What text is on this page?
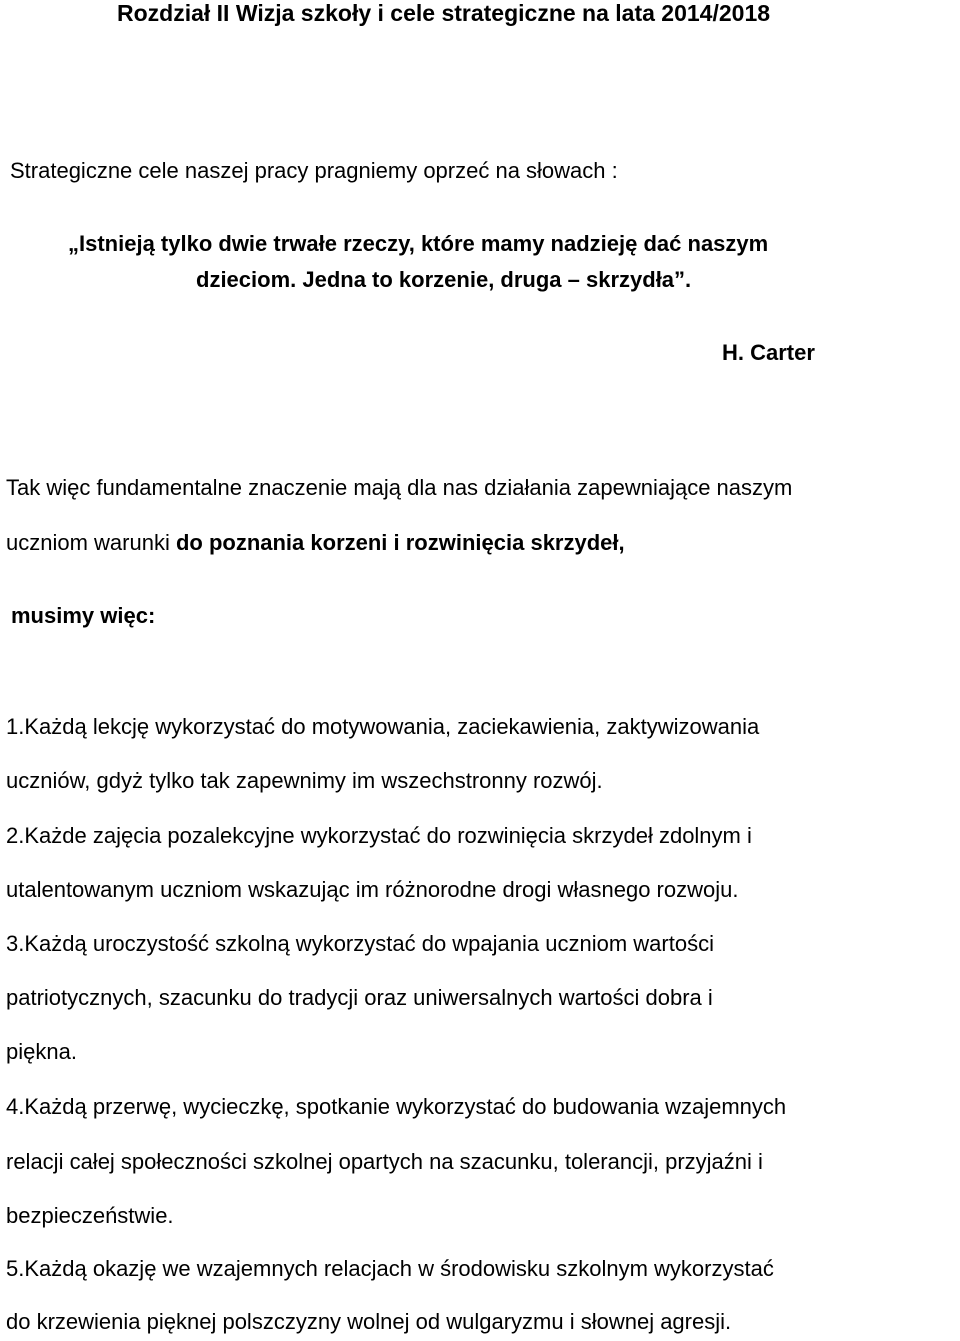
Rozdział II Wizja szkoły i cele strategiczne na lata 2014/2018

Strategiczne cele naszej pracy pragniemy oprzeć na słowach :

„Istnieją tylko dwie trwałe rzeczy, które mamy nadzieję dać naszym

dzieciom. Jedna to korzenie, druga – skrzydła”.

H. Carter

Tak więc fundamentalne znaczenie mają dla nas działania zapewniające naszym

uczniom warunki do poznania korzeni i rozwinięcia skrzydeł,

musimy więc:

1.Każdą lekcję wykorzystać do motywowania, zaciekawienia, zaktywizowania

uczniów, gdyż tylko tak zapewnimy im wszechstronny rozwój.

2.Każde zajęcia pozalekcyjne wykorzystać do rozwinięcia skrzydeł zdolnym i

utalentowanym uczniom wskazując im różnorodne drogi własnego rozwoju.

3.Każdą uroczystość szkolną wykorzystać do wpajania uczniom wartości

patriotycznych, szacunku do tradycji oraz uniwersalnych wartości dobra i

piękna.

4.Każdą przerwę, wycieczkę, spotkanie wykorzystać do budowania wzajemnych

relacji całej społeczności szkolnej opartych na szacunku, tolerancji, przyjaźni i

bezpieczeństwie.

5.Każdą okazję we wzajemnych relacjach w środowisku szkolnym wykorzystać

do krzewienia pięknej polszczyzny wolnej od wulgaryzmu i słownej agresji.
